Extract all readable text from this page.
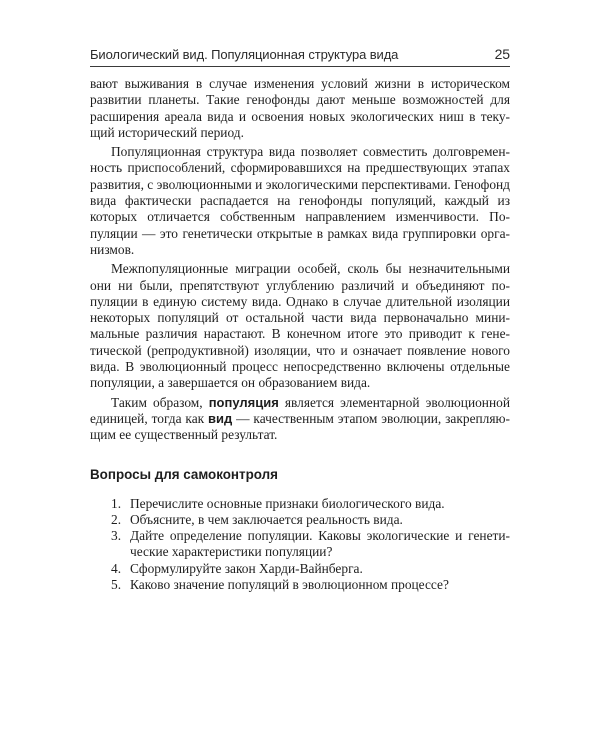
Биологический вид. Популяционная структура вида	25

вают выживания в случае изменения условий жизни в историческом развитии планеты. Такие генофонды дают меньше возможностей для расширения ареала вида и освоения новых экологических ниш в текущий исторический период.

Популяционная структура вида позволяет совместить долговременность приспособлений, сформировавшихся на предшествующих этапах развития, с эволюционными и экологическими перспективами. Генофонд вида фактически распадается на генофонды популяций, каждый из которых отличается собственным направлением изменчивости. Популяции — это генетически открытые в рамках вида группировки организмов.

Межпопуляционные миграции особей, сколь бы незначительными они ни были, препятствуют углублению различий и объединяют популяции в единую систему вида. Однако в случае длительной изоляции некоторых популяций от остальной части вида первоначально минимальные различия нарастают. В конечном итоге это приводит к генетической (репродуктивной) изоляции, что и означает появление нового вида. В эволюционный процесс непосредственно включены отдельные популяции, а завершается он образованием вида.

Таким образом, популяция является элементарной эволюционной единицей, тогда как вид — качественным этапом эволюции, закрепляющим ее существенный результат.

Вопросы для самоконтроля
1. Перечислите основные признаки биологического вида.
2. Объясните, в чем заключается реальность вида.
3. Дайте определение популяции. Каковы экологические и генетические характеристики популяции?
4. Сформулируйте закон Харди-Вайнберга.
5. Каково значение популяций в эволюционном процессе?
